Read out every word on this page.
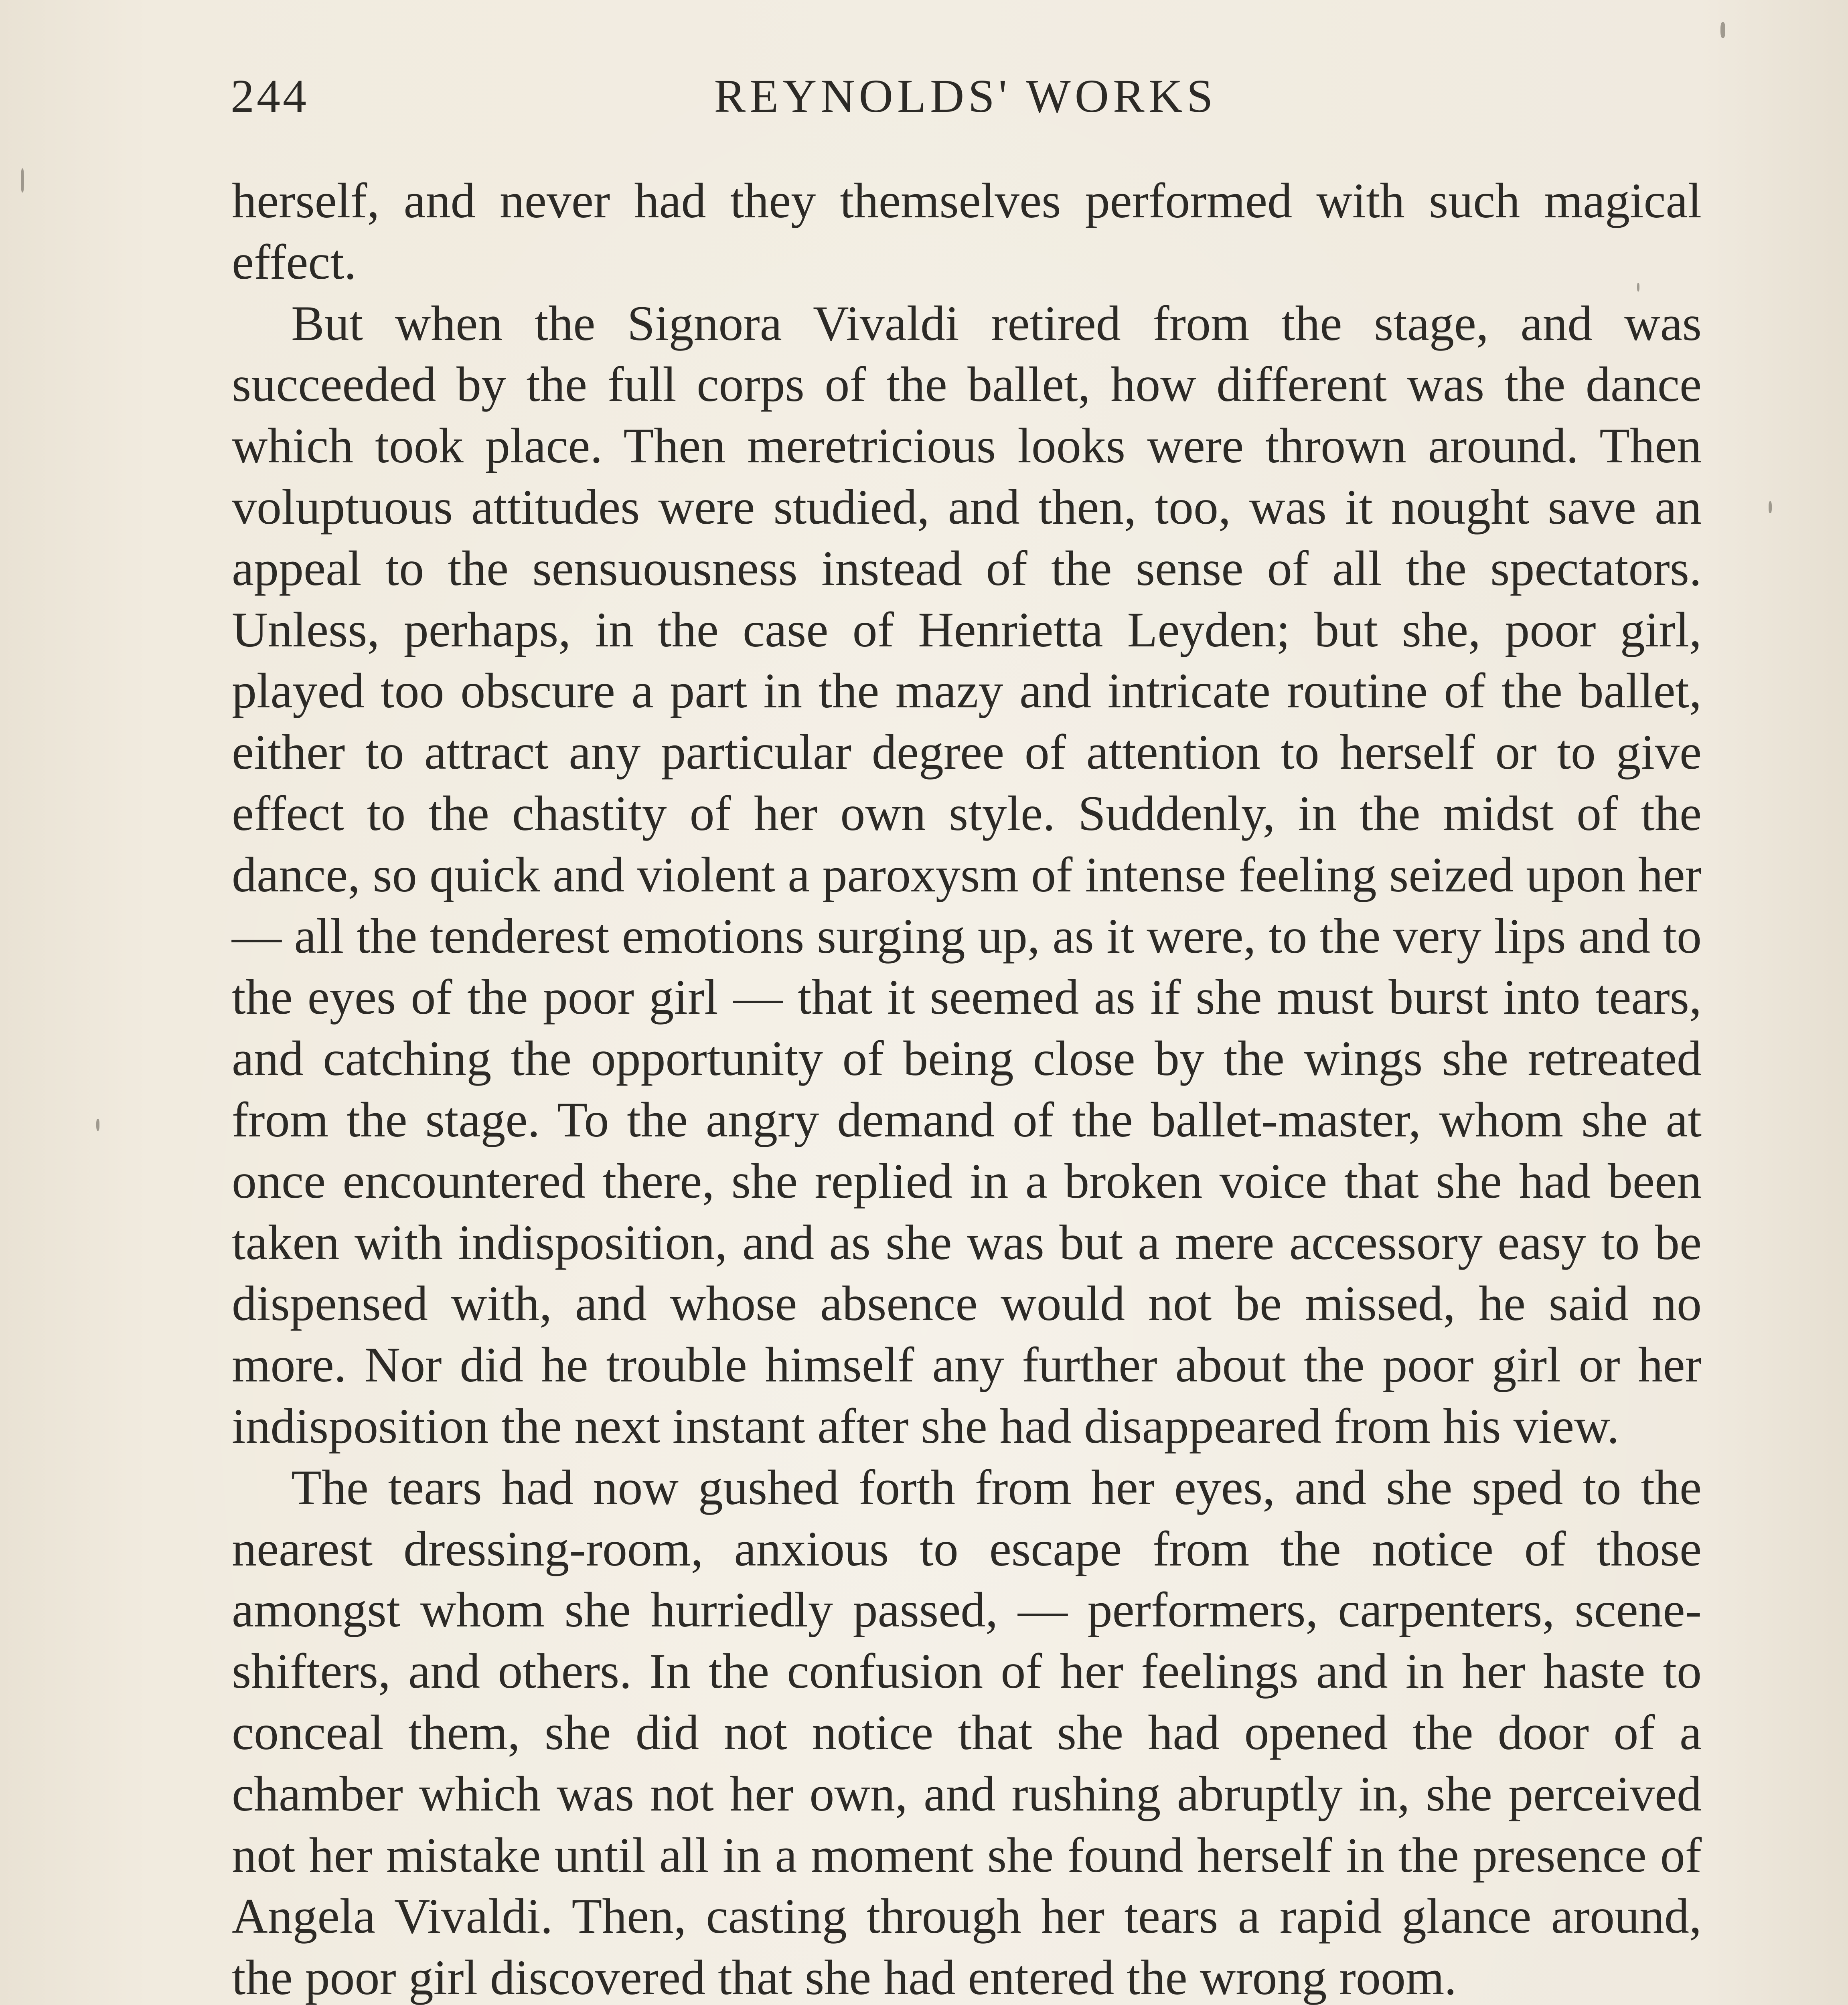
244	REYNOLDS' WORKS

herself, and never had they themselves performed with such magical effect.

But when the Signora Vivaldi retired from the stage, and was succeeded by the full corps of the ballet, how different was the dance which took place. Then meretricious looks were thrown around. Then voluptuous attitudes were studied, and then, too, was it nought save an appeal to the sensuousness instead of the sense of all the spectators. Unless, perhaps, in the case of Henrietta Leyden; but she, poor girl, played too obscure a part in the mazy and intricate routine of the ballet, either to attract any particular degree of attention to herself or to give effect to the chastity of her own style. Suddenly, in the midst of the dance, so quick and violent a paroxysm of intense feeling seized upon her — all the tenderest emotions surging up, as it were, to the very lips and to the eyes of the poor girl — that it seemed as if she must burst into tears, and catching the opportunity of being close by the wings she retreated from the stage. To the angry demand of the ballet-master, whom she at once encountered there, she replied in a broken voice that she had been taken with indisposition, and as she was but a mere accessory easy to be dispensed with, and whose absence would not be missed, he said no more. Nor did he trouble himself any further about the poor girl or her indisposition the next instant after she had disappeared from his view.

The tears had now gushed forth from her eyes, and she sped to the nearest dressing-room, anxious to escape from the notice of those amongst whom she hurriedly passed, — performers, carpenters, scene-shifters, and others. In the confusion of her feelings and in her haste to conceal them, she did not notice that she had opened the door of a chamber which was not her own, and rushing abruptly in, she perceived not her mistake until all in a moment she found herself in the presence of Angela Vivaldi. Then, casting through her tears a rapid glance around, the poor girl discovered that she had entered the wrong room.
